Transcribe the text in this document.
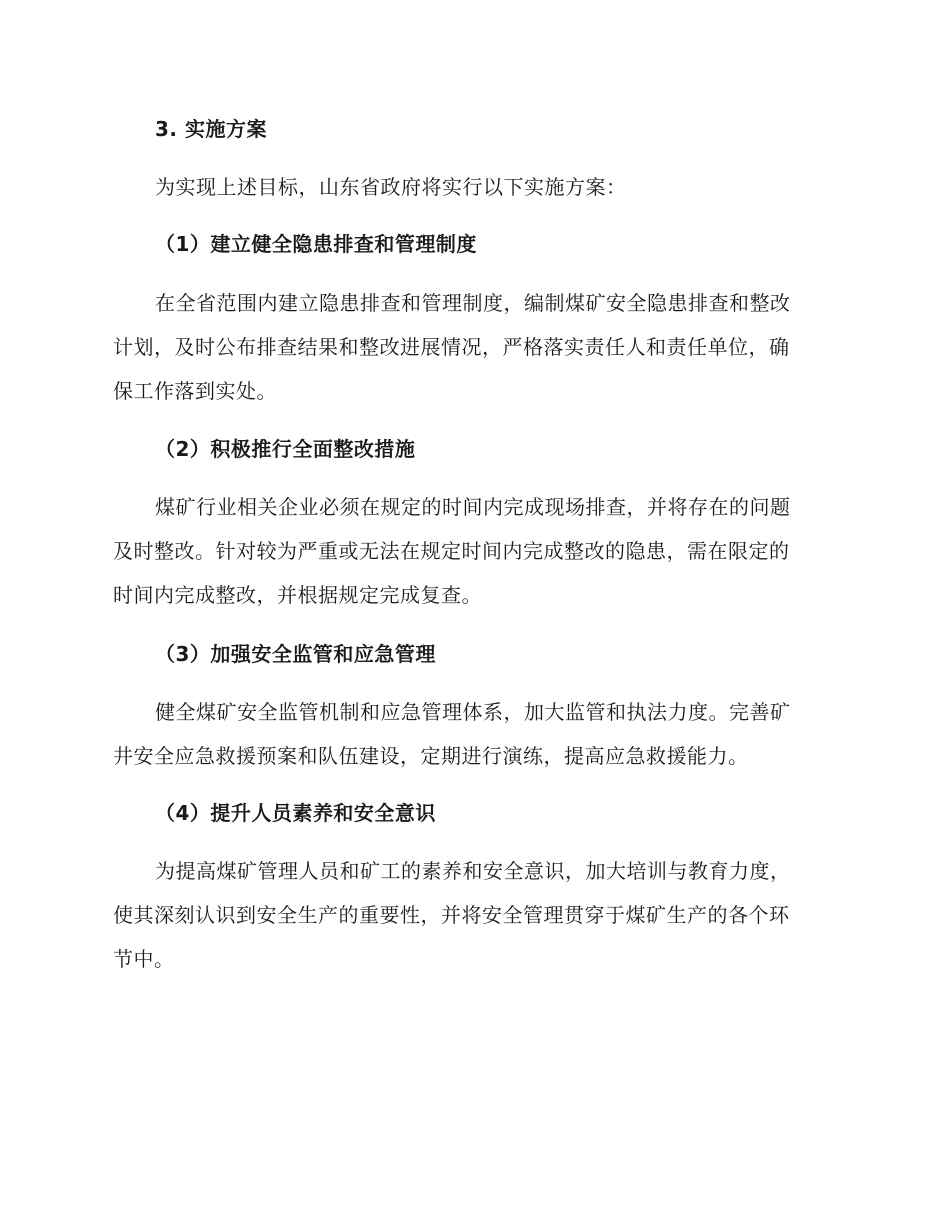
3. 实施方案
为实现上述目标，山东省政府将实行以下实施方案：
（1）建立健全隐患排查和管理制度
在全省范围内建立隐患排查和管理制度，编制煤矿安全隐患排查和整改
计划，及时公布排查结果和整改进展情况，严格落实责任人和责任单位，确
保工作落到实处。
（2）积极推行全面整改措施
煤矿行业相关企业必须在规定的时间内完成现场排查，并将存在的问题
及时整改。针对较为严重或无法在规定时间内完成整改的隐患，需在限定的
时间内完成整改，并根据规定完成复查。
（3）加强安全监管和应急管理
健全煤矿安全监管机制和应急管理体系，加大监管和执法力度。完善矿
井安全应急救援预案和队伍建设，定期进行演练，提高应急救援能力。
（4）提升人员素养和安全意识
为提高煤矿管理人员和矿工的素养和安全意识，加大培训与教育力度，
使其深刻认识到安全生产的重要性，并将安全管理贯穿于煤矿生产的各个环
节中。
